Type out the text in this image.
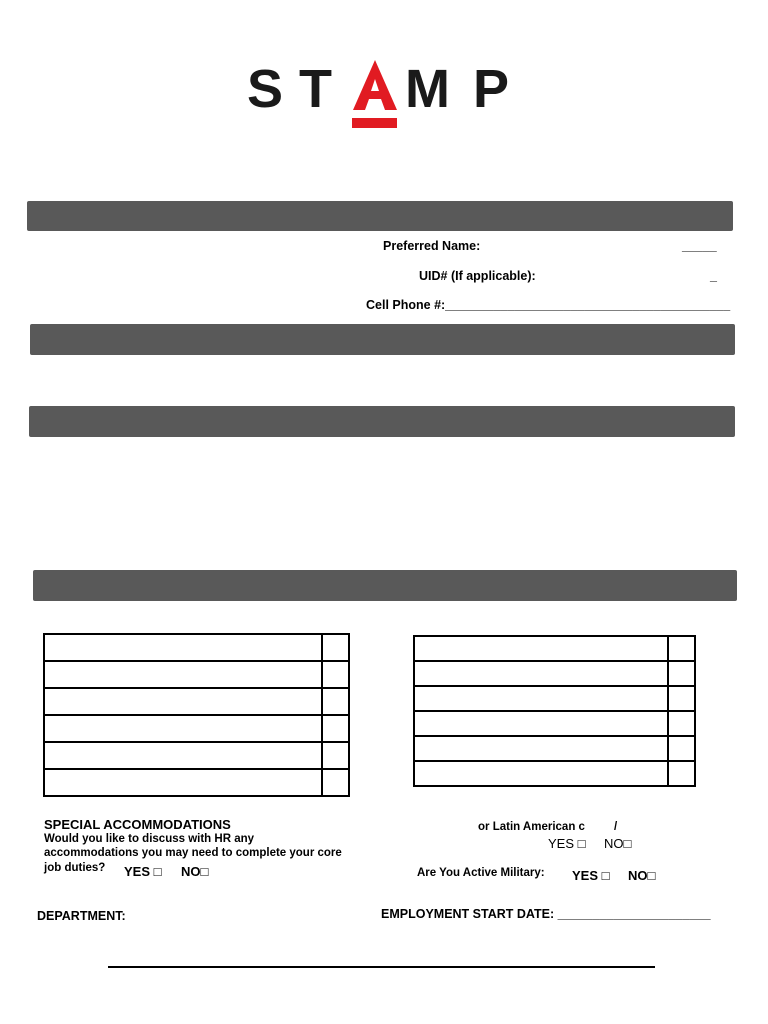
S T M P
Preferred Name:	_____
UID# (If applicable):	_
Cell Phone #:_________________________________________

SPECIAL ACCOMMODATIONS
Would you like to discuss with HR any
accommodations you may need to complete your core
job duties? YES □ NO□
or Latin American c	/
YES □ NO□
Are You Active Military: YES □ NO□
DEPARTMENT:	EMPLOYMENT START DATE: ______________________
